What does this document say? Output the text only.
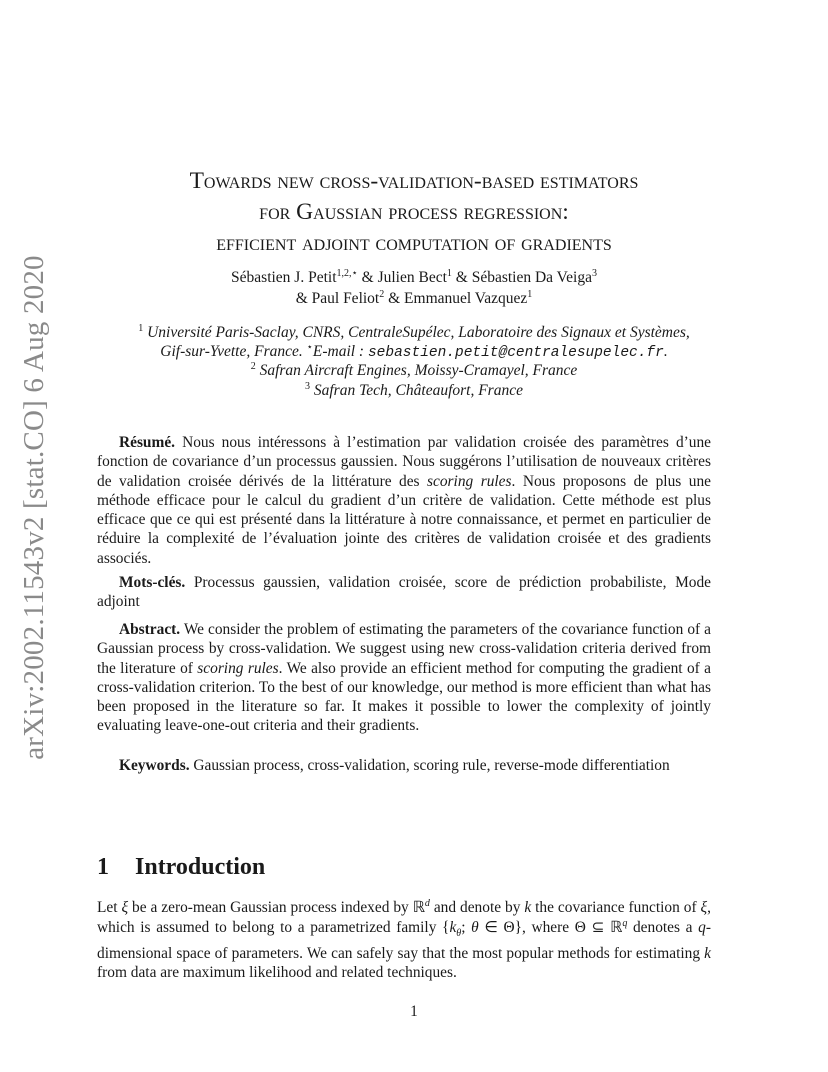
arXiv:2002.11543v2 [stat.CO] 6 Aug 2020
Towards new cross-validation-based estimators
for Gaussian process regression:
efficient adjoint computation of gradients
Sébastien J. Petit$^{1,2,⋆}$ & Julien Bect$^1$ & Sébastien Da Veiga$^3$
& Paul Feliot$^2$ & Emmanuel Vazquez$^1$
$^1$ Université Paris-Saclay, CNRS, CentraleSupélec, Laboratoire des Signaux et Systèmes,
Gif-sur-Yvette, France. ⋆E-mail : sebastien.petit@centralesupelec.fr.
$^2$ Safran Aircraft Engines, Moissy-Cramayel, France
$^3$ Safran Tech, Châteaufort, France
Résumé. Nous nous intéressons à l’estimation par validation croisée des paramètres d’une fonction de covariance d’un processus gaussien. Nous suggérons l’utilisation de nouveaux critères de validation croisée dérivés de la littérature des scoring rules. Nous proposons de plus une méthode efficace pour le calcul du gradient d’un critère de validation. Cette méthode est plus efficace que ce qui est présenté dans la littérature à notre connaissance, et permet en particulier de réduire la complexité de l’évaluation jointe des critères de validation croisée et des gradients associés.
Mots-clés. Processus gaussien, validation croisée, score de prédiction probabiliste, Mode adjoint
Abstract. We consider the problem of estimating the parameters of the covariance function of a Gaussian process by cross-validation. We suggest using new cross-validation criteria derived from the literature of scoring rules. We also provide an efficient method for computing the gradient of a cross-validation criterion. To the best of our knowledge, our method is more efficient than what has been proposed in the literature so far. It makes it possible to lower the complexity of jointly evaluating leave-one-out criteria and their gradients.
Keywords. Gaussian process, cross-validation, scoring rule, reverse-mode differentiation
1 Introduction
Let ξ be a zero-mean Gaussian process indexed by ℝ$^d$ and denote by k the covariance function of ξ, which is assumed to belong to a parametrized family {$k_\theta$; θ ∈ Θ}, where Θ ⊆ ℝ$^q$ denotes a q-dimensional space of parameters. We can safely say that the most popular methods for estimating k from data are maximum likelihood and related techniques.
1
